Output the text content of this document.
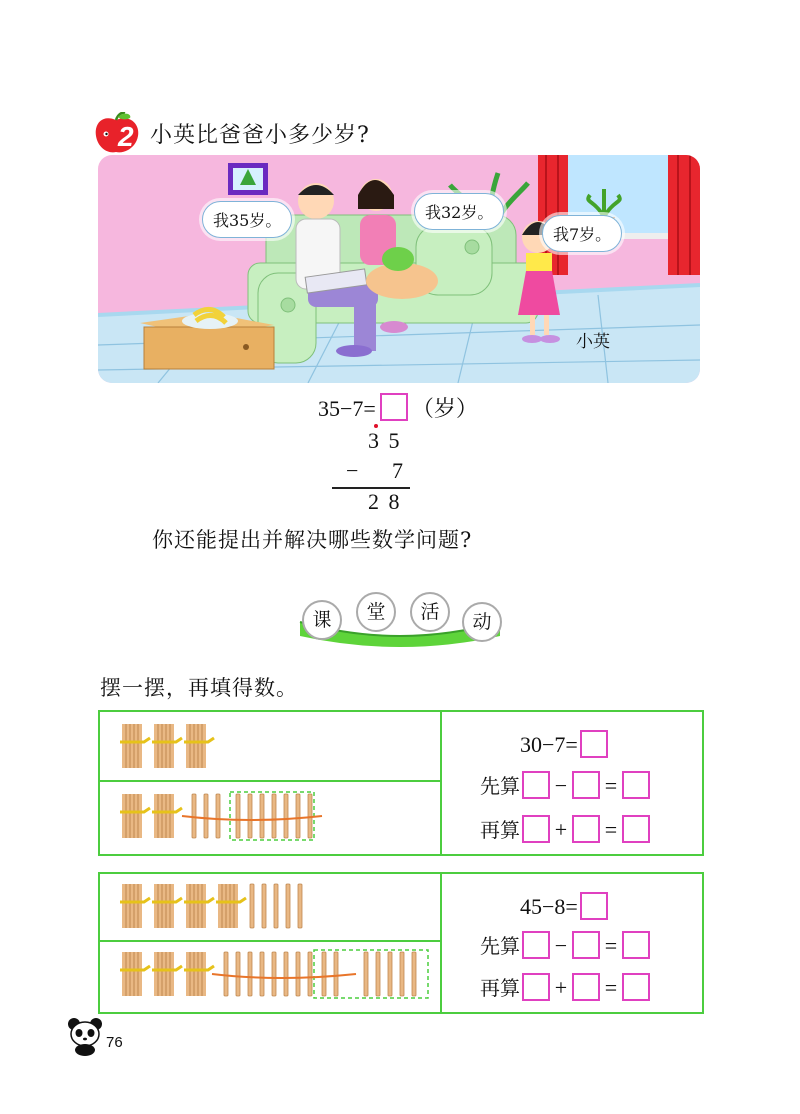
2 小英比爸爸小多少岁?
我35岁。	我32岁。
我7岁。
小英
35−7= （岁）
3 5
− 7
2 8
你还能提出并解决哪些数学问题?
课	堂	活	动
摆一摆，再填得数。
30−7=
先算 − =
再算 + =
45−8=
先算 − =
再算 + =
76
